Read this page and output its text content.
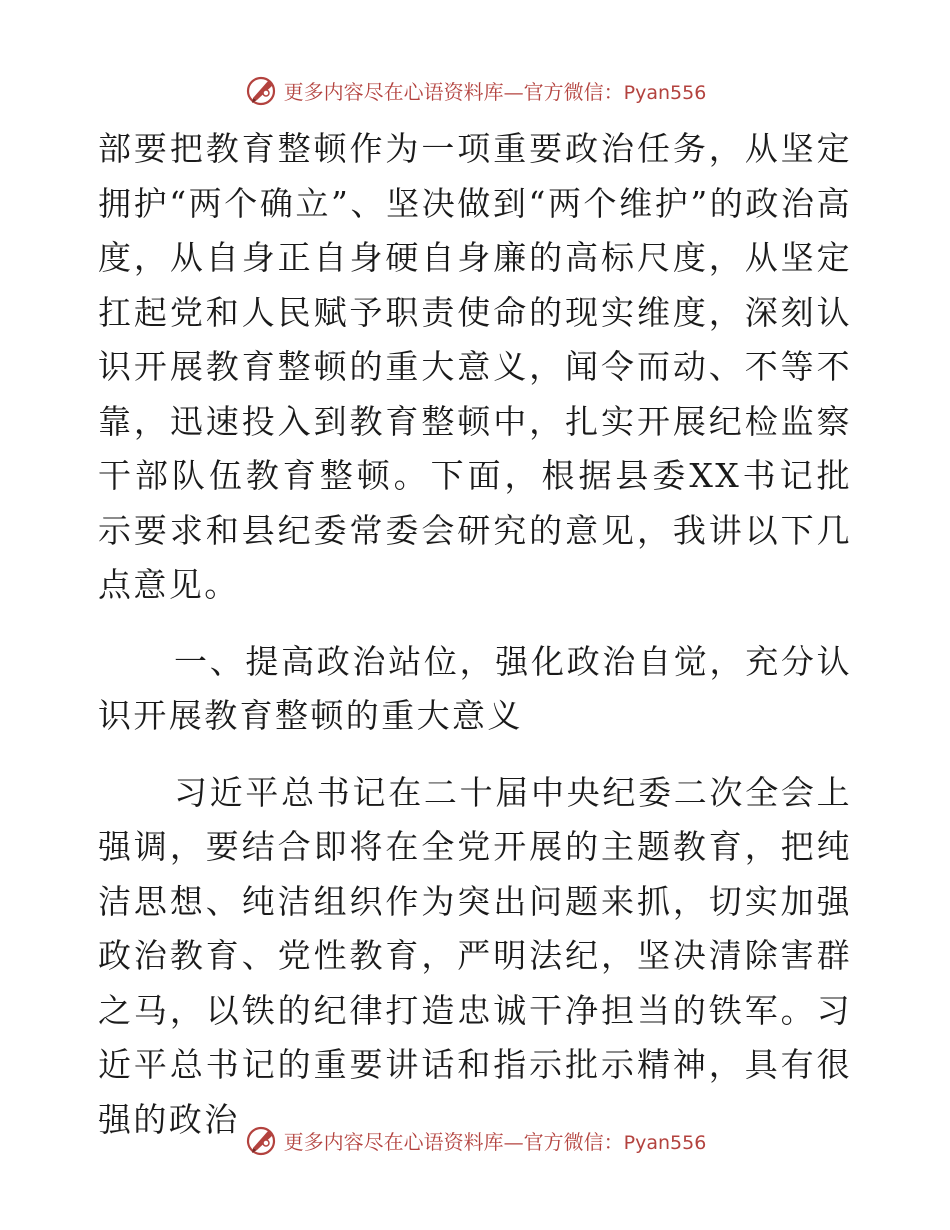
更多内容尽在心语资料库—官方微信：Pyan556

部要把教育整顿作为一项重要政治任务，从坚定拥护“两个确立”、坚决做到“两个维护”的政治高度，从自身正自身硬自身廉的高标尺度，从坚定扛起党和人民赋予职责使命的现实维度，深刻认识开展教育整顿的重大意义，闻令而动、不等不靠，迅速投入到教育整顿中，扎实开展纪检监察干部队伍教育整顿。下面，根据县委XX书记批示要求和县纪委常委会研究的意见，我讲以下几点意见。

一、提高政治站位，强化政治自觉，充分认识开展教育整顿的重大意义

习近平总书记在二十届中央纪委二次全会上强调，要结合即将在全党开展的主题教育，把纯洁思想、纯洁组织作为突出问题来抓，切实加强政治教育、党性教育，严明法纪，坚决清除害群之马，以铁的纪律打造忠诚干净担当的铁军。习近平总书记的重要讲话和指示批示精神，具有很强的政治

更多内容尽在心语资料库—官方微信：Pyan556
